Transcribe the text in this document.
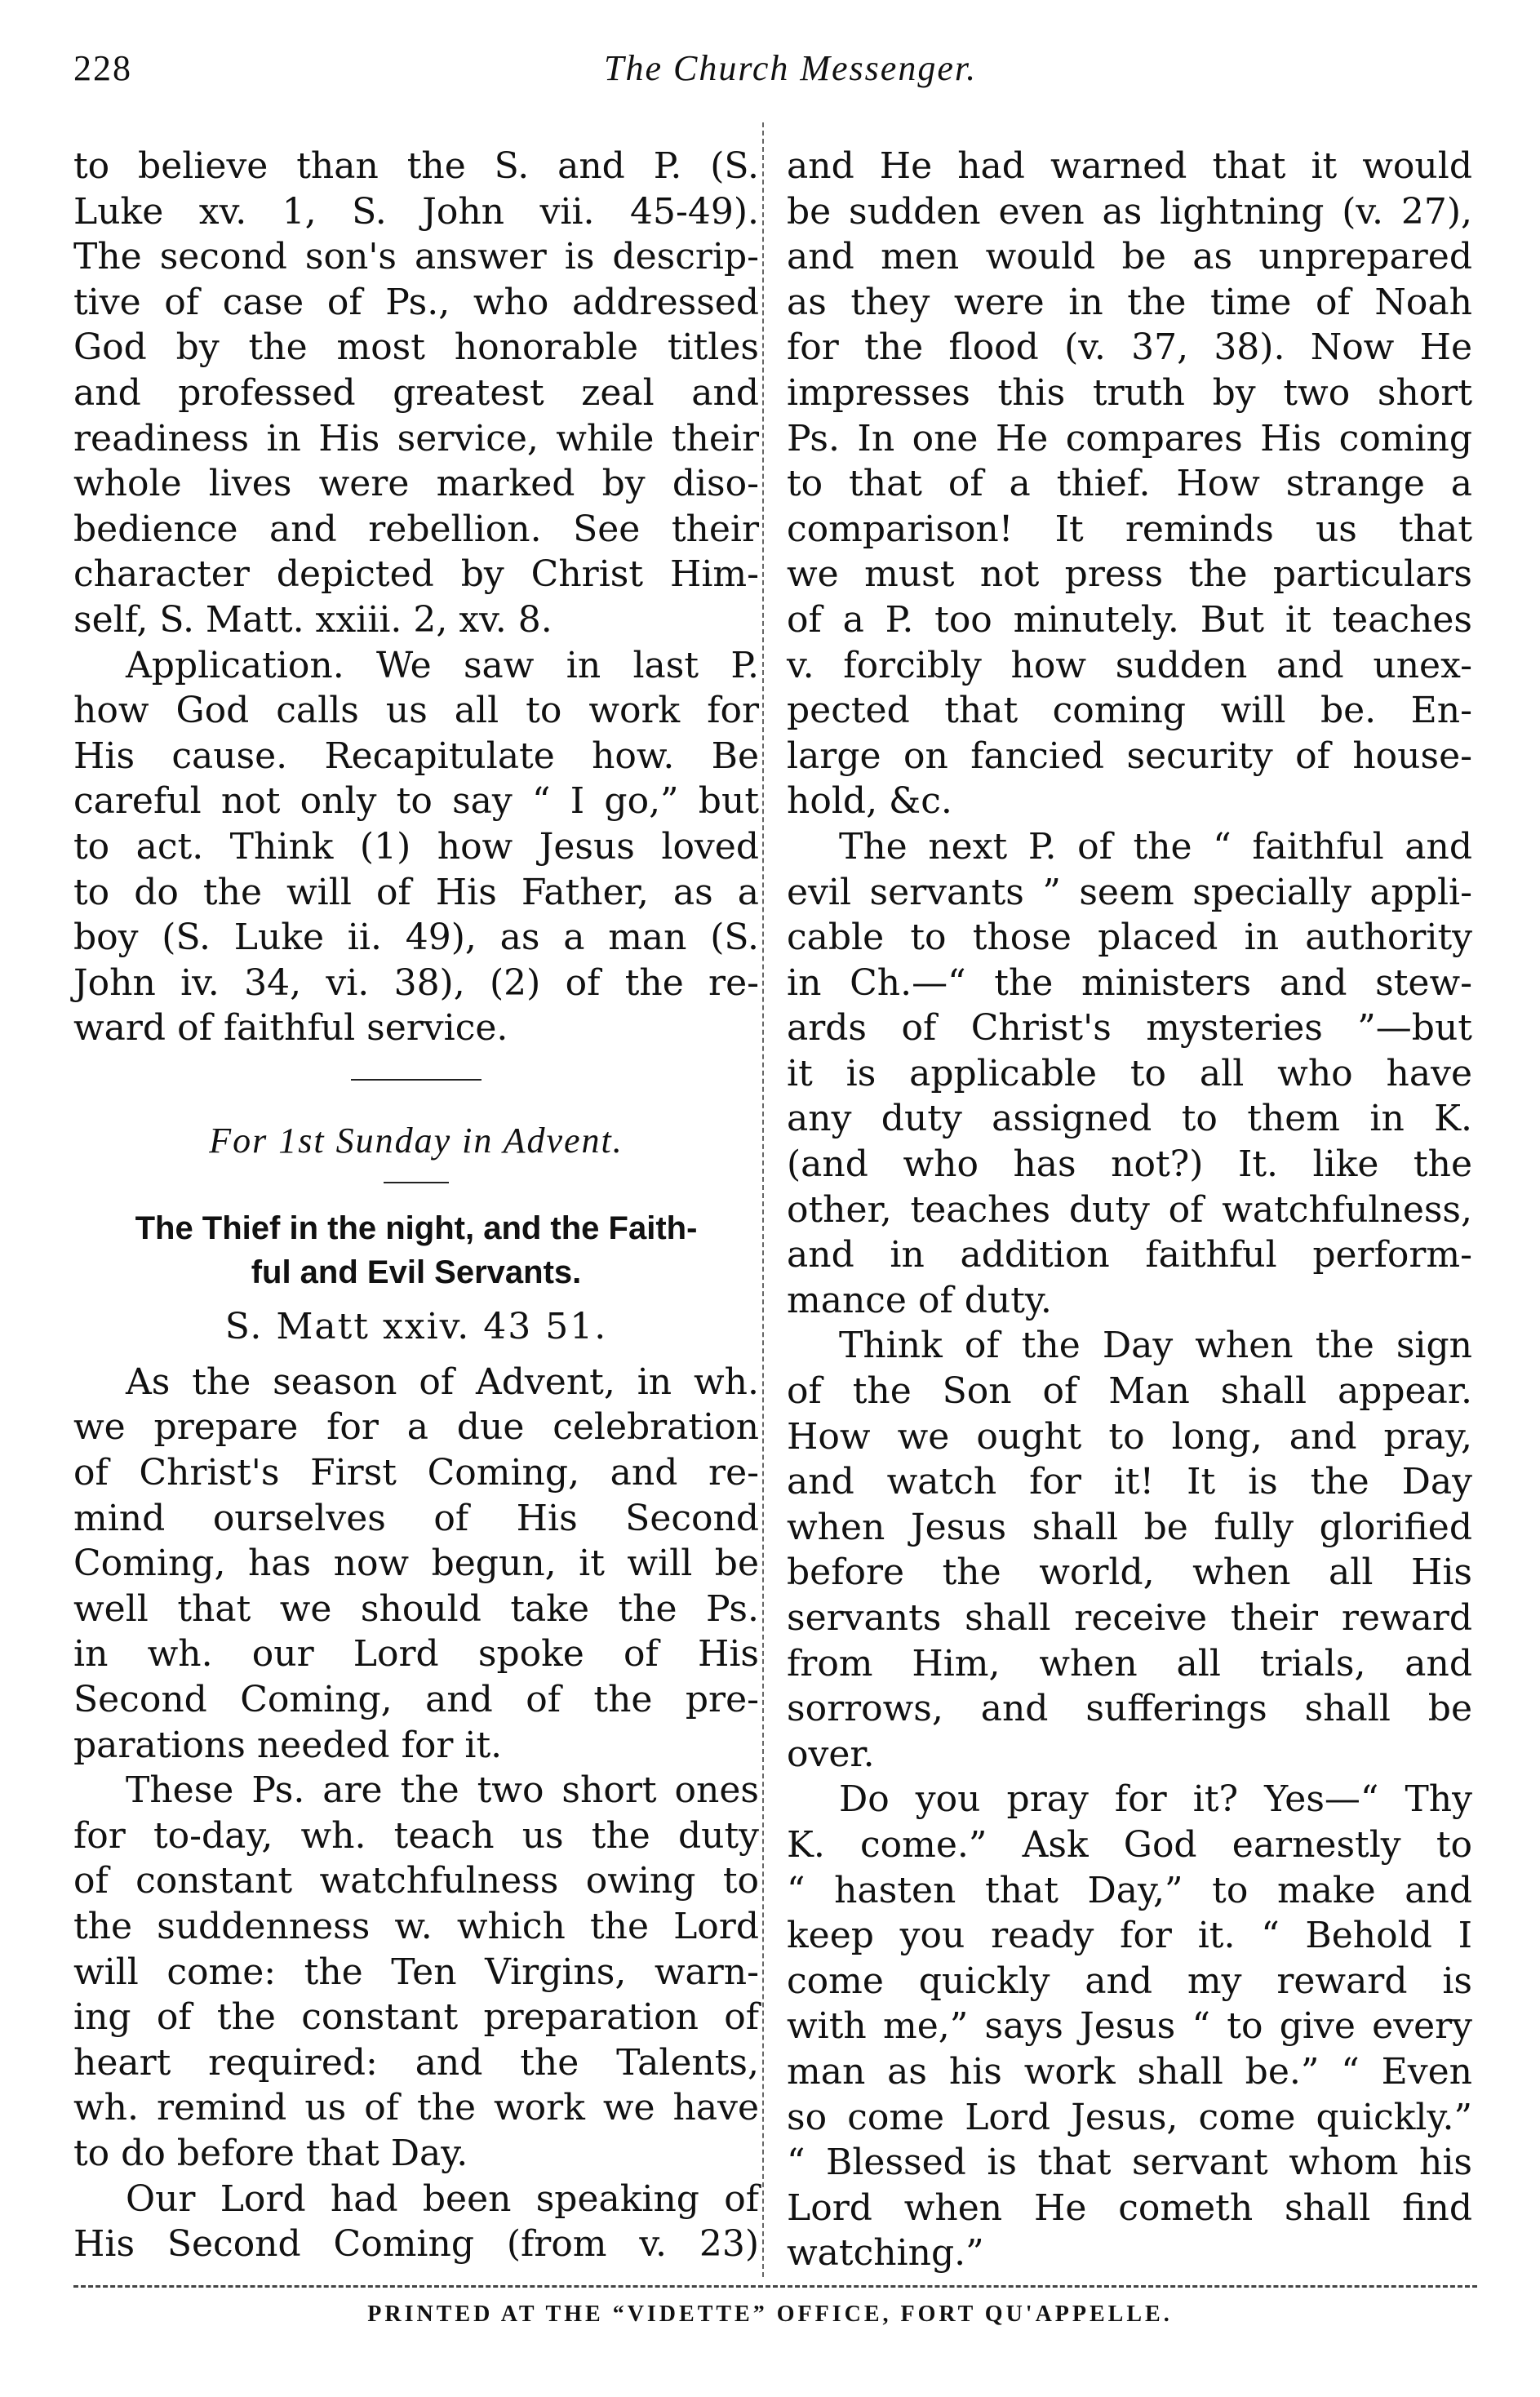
228	The Church Messenger.
to believe than the S. and P. (S.
Luke xv. 1, S. John vii. 45-49).
The second son's answer is descrip-
tive of case of Ps., who addressed
God by the most honorable titles
and professed greatest zeal and
readiness in His service, while their
whole lives were marked by diso-
bedience and rebellion. See their
character depicted by Christ Him-
self, S. Matt. xxiii. 2, xv. 8.
Application. We saw in last P.
how God calls us all to work for
His cause. Recapitulate how. Be
careful not only to say “ I go,” but
to act. Think (1) how Jesus loved
to do the will of His Father, as a
boy (S. Luke ii. 49), as a man (S.
John iv. 34, vi. 38), (2) of the re-
ward of faithful service.
For 1st Sunday in Advent.
The Thief in the night, and the Faith-
ful and Evil Servants.
S. Matt xxiv. 43 51.
As the season of Advent, in wh.
we prepare for a due celebration
of Christ's First Coming, and re-
mind ourselves of His Second
Coming, has now begun, it will be
well that we should take the Ps.
in wh. our Lord spoke of His
Second Coming, and of the pre-
parations needed for it.
These Ps. are the two short ones
for to-day, wh. teach us the duty
of constant watchfulness owing to
the suddenness w. which the Lord
will come: the Ten Virgins, warn-
ing of the constant preparation of
heart required: and the Talents,
wh. remind us of the work we have
to do before that Day.
Our Lord had been speaking of
His Second Coming (from v. 23)
and He had warned that it would
be sudden even as lightning (v. 27),
and men would be as unprepared
as they were in the time of Noah
for the flood (v. 37, 38). Now He
impresses this truth by two short
Ps. In one He compares His coming
to that of a thief. How strange a
comparison! It reminds us that
we must not press the particulars
of a P. too minutely. But it teaches
v. forcibly how sudden and unex-
pected that coming will be. En-
large on fancied security of house-
hold, &c.
The next P. of the “ faithful and
evil servants ” seem specially appli-
cable to those placed in authority
in Ch.—“ the ministers and stew-
ards of Christ's mysteries ”—but
it is applicable to all who have
any duty assigned to them in K.
(and who has not?) It. like the
other, teaches duty of watchfulness,
and in addition faithful perform-
mance of duty.
Think of the Day when the sign
of the Son of Man shall appear.
How we ought to long, and pray,
and watch for it! It is the Day
when Jesus shall be fully glorified
before the world, when all His
servants shall receive their reward
from Him, when all trials, and
sorrows, and sufferings shall be
over.
Do you pray for it? Yes—“ Thy
K. come.” Ask God earnestly to
“ hasten that Day,” to make and
keep you ready for it. “ Behold I
come quickly and my reward is
with me,” says Jesus “ to give every
man as his work shall be.” “ Even
so come Lord Jesus, come quickly.”
“ Blessed is that servant whom his
Lord when He cometh shall find
watching.”
PRINTED AT THE “VIDETTE” OFFICE, FORT QU'APPELLE.
